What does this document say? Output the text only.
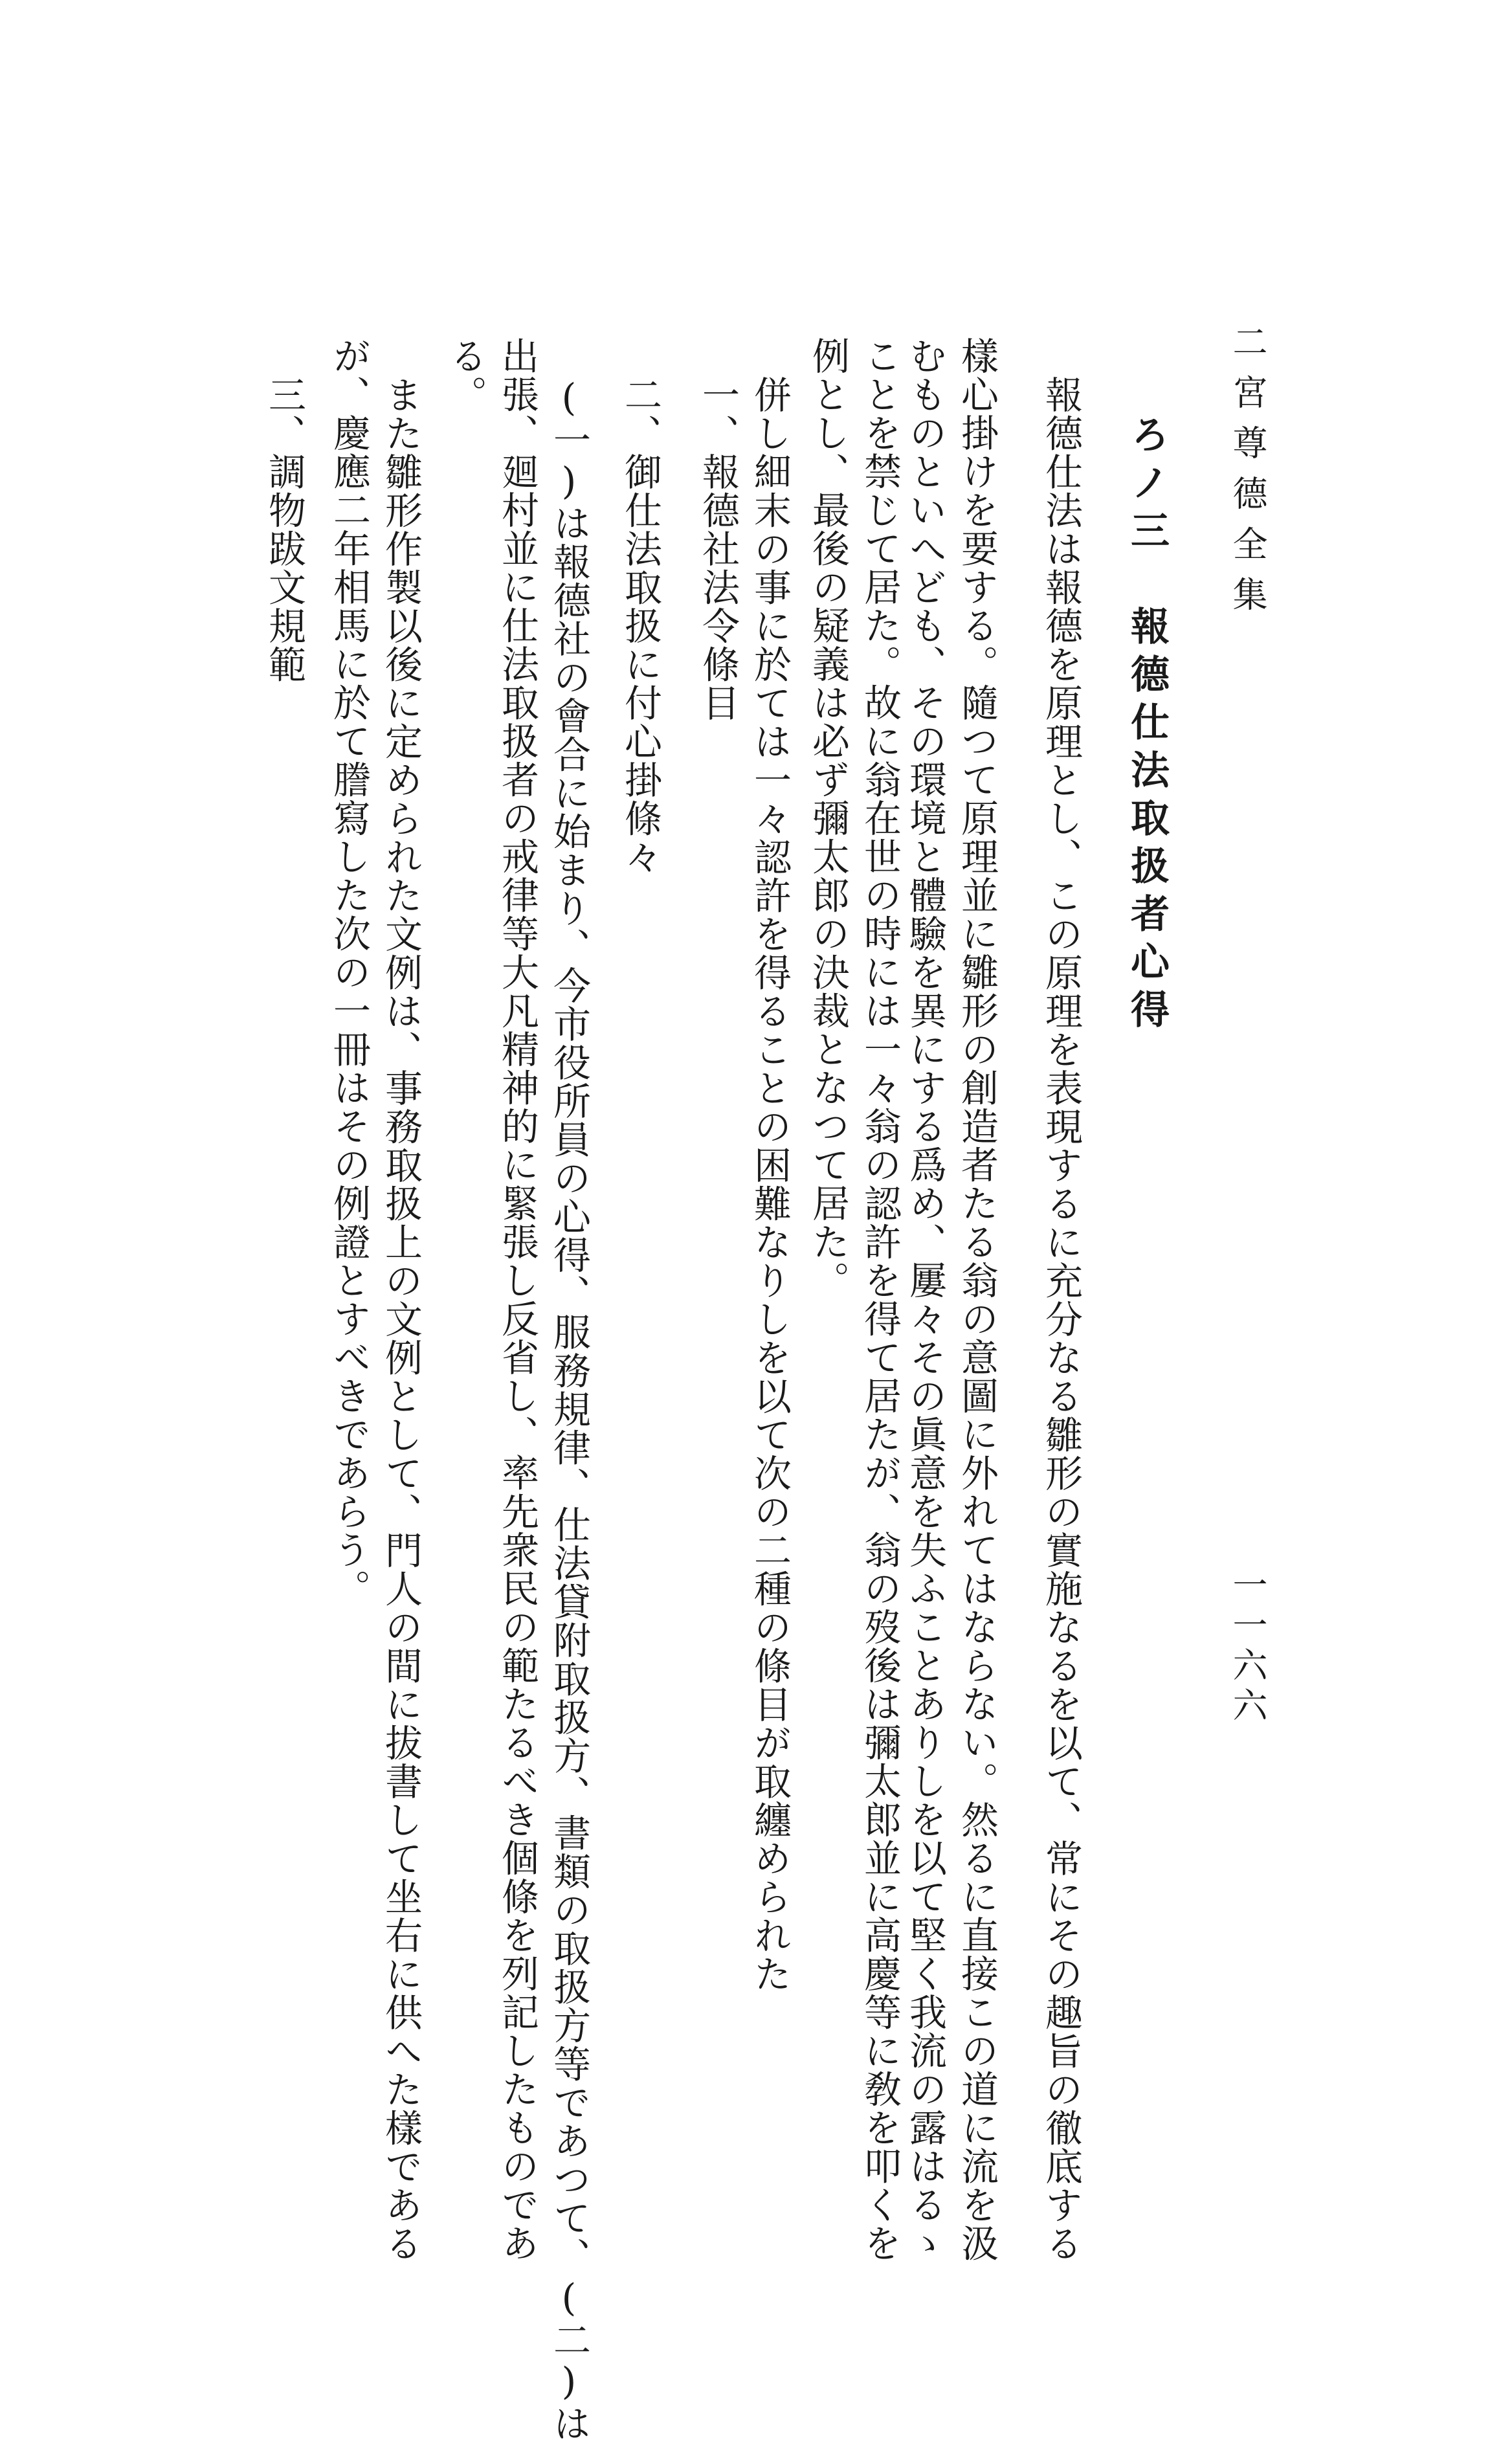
二宮尊德全集
一一六六
ろノ三　報德仕法取扱者心得
報德仕法は報德を原理とし、この原理を表現するに充分なる雛形の實施なるを以て、常にその趣旨の徹底する
樣心掛けを要する。隨つて原理並に雛形の創造者たる翁の意圖に外れてはならない。然るに直接この道に流を汲
むものといへども、その環境と體驗を異にする爲め、屢々その眞意を失ふことありしを以て堅く我流の露はるゝ
ことを禁じて居た。故に翁在世の時には一々翁の認許を得て居たが、翁の歿後は彌太郎並に高慶等に敎を叩くを
例とし、最後の疑義は必ず彌太郎の決裁となつて居た。
併し細末の事に於ては一々認許を得ることの困難なりしを以て次の二種の條目が取纏められた
一、報德社法令條目
二、御仕法取扱に付心掛條々
(一)は報德社の會合に始まり、今市役所員の心得、服務規律、仕法貸附取扱方、書類の取扱方等であつて、(二)は
出張、廻村並に仕法取扱者の戒律等大凡精神的に緊張し反省し、率先衆民の範たるべき個條を列記したものであ
る。
また雛形作製以後に定められた文例は、事務取扱上の文例として、門人の間に拔書して坐右に供へた樣である
が、慶應二年相馬に於て謄寫した次の一冊はその例證とすべきであらう。
三、調物跋文規範
